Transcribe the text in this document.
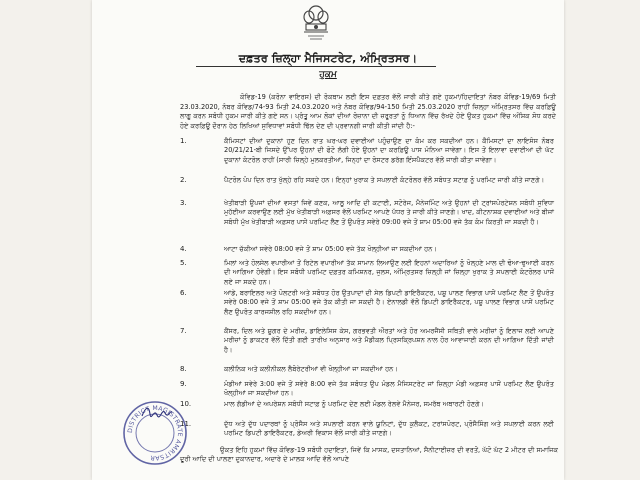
ਦਫ਼ਤਰ ਜ਼ਿਲ੍ਹਾ ਮੈਜਿਸਟਰੇਟ, ਅੰਮ੍ਰਿਤਸਰ।
ਹੁਕਮ
ਕੋਵਿਡ-19 (ਕਰੋਨਾ ਵਾਇਰਸ) ਦੀ ਰੋਕਥਾਮ ਲਈ ਇਸ ਦਫ਼ਤਰ ਵੱਲੋਂ ਜਾਰੀ ਕੀਤੇ ਗਏ ਹੁਕਮਾਂ/ਹਿਦਾਇਤਾਂ ਨੰਬਰ ਕੋਵਿਡ-19/69 ਮਿਤੀ 23.03.2020, ਨੰਬਰ ਕੋਵਿਡ/74-93 ਮਿਤੀ 24.03.2020 ਅਤੇ ਨੰਬਰ ਕੋਵਿਡ/94-150 ਮਿਤੀ 25.03.2020 ਰਾਹੀਂ ਜ਼ਿਲ੍ਹਾ ਅੰਮ੍ਰਿਤਸਰ ਵਿੱਚ ਕਰਫ਼ਿਊ ਲਾਗੂ ਕਰਨ ਸਬੰਧੀ ਹੁਕਮ ਜਾਰੀ ਕੀਤੇ ਗਏ ਸਨ। ਪ੍ਰੰਤੂ ਆਮ ਲੋਕਾਂ ਦੀਆਂ ਰੋਜ਼ਾਨਾ ਦੀ ਜ਼ਰੂਰਤਾਂ ਨੂੰ ਧਿਆਨ ਵਿੱਚ ਰੱਖਦੇ ਹੋਏ ਉਕਤ ਹੁਕਮਾਂ ਵਿੱਚ ਅੰਸ਼ਿਕ ਸੋਧ ਕਰਦੇ ਹੋਏ ਕਰਫ਼ਿਊ ਦੌਰਾਨ ਹੇਠ ਲਿਖਿਆਂ ਸੁਵਿਧਾਵਾਂ ਸਬੰਧੀ ਢਿੱਲ ਦੇਣ ਦੀ ਪ੍ਰਵਾਨਗੀ ਜਾਰੀ ਕੀਤੀ ਜਾਂਦੀ ਹੈ:-
1.	ਕੈਮਿਸਟਾਂ ਦੀਆਂ ਦੁਕਾਨਾਂ ਹੁਣ ਦਿਨ ਰਾਤ ਘਰ-ਘਰ ਦਵਾਈਆਂ ਪਹੁੰਚਾਉਣ ਦਾ ਕੰਮ ਕਰ ਸਕਦੀਆਂ ਹਨ। ਕੈਮਿਸਟਾਂ ਦਾ ਲਾਇਸੰਸ ਨੰਬਰ 20/21/21-ਬੀ ਜਿਸਦੇ ਉੱਪਰ ਉਹਨਾਂ ਦੀ ਫੋਟੋ ਲੱਗੀ ਹੋਏ ਉਹਨਾਂ ਦਾ ਕਰਫ਼ਿਊ ਪਾਸ ਮੰਨਿਆ ਜਾਵੇਗਾ। ਇਸ ਤੋਂ ਇਲਾਵਾ ਦਵਾਈਆਂ ਦੀ ਘੱਟ ਦੁਕਾਨਾਂ ਕੰਟਰੋਲ ਰਾਹੀਂ (ਸਾਰੀ ਜ਼ਿਲ੍ਹੇ ਮੁਲਕਰਤੀਆਂ, ਜਿਨ੍ਹਾਂ ਦਾ ਰੋਸਟਰ ਡਰੱਗ ਇੰਸਪੈਕਟਰ ਵੱਲੋਂ ਜਾਰੀ ਕੀਤਾ ਜਾਵੇਗਾ।
2.	ਪੈਟਰੋਲ ਪੰਪ ਦਿਨ ਰਾਤ ਖੁੱਲ੍ਹੇ ਰਹਿ ਸਕਦੇ ਹਨ। ਇਨ੍ਹਾਂ ਖੁਰਾਕ ਤੇ ਸਪਲਾਈ ਕੰਟਰੋਲਰ ਵੱਲੋਂ ਸਬੰਧਤ ਸਟਾਫ਼ ਨੂੰ ਪਰਮਿਟ ਜਾਰੀ ਕੀਤੇ ਜਾਣਗੇ।
3.	ਖੇਤੀਬਾੜੀ ਉਪਜਾਂ ਦੀਆਂ ਵਸਤਾਂ ਜਿਵੇਂ ਕਣਕ, ਆਲੂ ਆਦਿ ਦੀ ਕਟਾਈ, ਸਟੋਰੇਜ, ਮੈਨੇਜਮਿੰਟ ਅਤੇ ਉਹਨਾਂ ਦੀ ਟ੍ਰਾਂਸਪੋਰਟੇਸ਼ਨ ਸਬੰਧੀ ਸੁਵਿਧਾ ਮੁਹੱਈਆ ਕਰਵਾਉਣ ਲਈ ਮੁੱਖ ਖੇਤੀਬਾੜੀ ਅਫ਼ਸਰ ਵੱਲੋਂ ਪਰਮਿਟ ਆਪਣੇ ਪੱਧਰ ਤੇ ਜਾਰੀ ਕੀਤੇ ਜਾਣਗੇ। ਖਾਦ, ਕੀਟਨਾਸ਼ਕ ਦਵਾਈਆਂ ਅਤੇ ਬੀਜਾਂ ਸਬੰਧੀ ਮੁੱਖ ਖੇਤੀਬਾੜੀ ਅਫ਼ਸਰ ਪਾਸੋਂ ਪਰਮਿਟ ਲੈਣ ਤੋਂ ਉਪਰੰਤ ਸਵੇਰੇ 09:00 ਵਜੇ ਤੋਂ ਸ਼ਾਮ 05:00 ਵਜੇ ਤੱਕ ਕੰਮ ਕਿਰਤੀ ਜਾ ਸਕਦੀ ਹੈ।
4.	ਆਟਾ ਚੱਕੀਆਂ ਸਵੇਰੇ 08:00 ਵਜੇ ਤੋਂ ਸ਼ਾਮ 05:00 ਵਜੇ ਤੱਕ ਖੋਲ੍ਹੀਆਂ ਜਾ ਸਕਦੀਆਂ ਹਨ।
5.	ਮਿਲਾਂ ਅਤੇ ਹੋਲਸੇਲ ਵਪਾਰੀਆਂ ਤੋਂ ਰਿਟੇਲ ਵਪਾਰੀਆਂ ਤੱਕ ਸਾਮਾਨ ਲਿਆਉਣ ਲਈ ਇਹਨਾਂ ਅਦਾਰਿਆਂ ਨੂੰ ਖੋਲ੍ਹਣੇ ਮਾਲ ਦੀ ਢੋਆ-ਢੁਆਈ ਕਰਨ ਦੀ ਆਗਿਆ ਹੋਵੇਗੀ। ਇਸ ਸਬੰਧੀ ਪਰਮਿਟ ਦਫ਼ਤਰ ਕਮਿਸ਼ਨਰ, ਜੁਲਸ, ਅੰਮ੍ਰਿਤਸਰ ਜ਼ਿਲ੍ਹੀ ਜਾਂ ਜ਼ਿਲ੍ਹਾ ਖੁਰਾਕ ਤੇ ਸਪਲਾਈ ਕੰਟਰੋਲਰ ਪਾਸੋਂ ਲਏ ਜਾ ਸਕਦੇ ਹਨ।
6.	ਆਂਡੇ, ਬਰਾਇਲਰ ਅਤੇ ਪੋਲਟਰੀ ਅਤੇ ਸਬੰਧਤ ਹੋਰ ਉਤਪਾਦਾਂ ਦੀ ਸੇਲ ਡਿਪਟੀ ਡਾਇਰੈਕਟਰ, ਪਸ਼ੂ ਪਾਲਣ ਵਿਭਾਗ ਪਾਸੋਂ ਪਰਮਿਟ ਲੈਣ ਤੋਂ ਉਪਰੰਤ ਸਵੇਰੇ 08:00 ਵਜੇ ਤੋਂ ਸ਼ਾਮ 05:00 ਵਜੇ ਤੱਕ ਕੀਤੀ ਜਾ ਸਕਦੀ ਹੈ। ਏਨਾਲਡੀ ਵੱਲੋਂ ਡਿਪਟੀ ਡਾਇਰੈਕਟਰ, ਪਸ਼ੂ ਪਾਲਣ ਵਿਭਾਗ ਪਾਸੋਂ ਪਰਮਿਟ ਲੈਣ ਉਪਰੰਤ ਕਾਰਜਸ਼ੀਲ ਰਹਿ ਸਕਦੀਆਂ ਹਨ।
7.	ਕੈਂਸਰ, ਦਿਲ ਅਤੇ ਸ਼ੂਗਰ ਦੇ ਮਰੀਜ਼, ਡਾਇਲੇਸਿਸ ਕੇਸ, ਗਰਭਵਤੀ ਔਰਤਾਂ ਅਤੇ ਹੋਰ ਅਮਰਜੈਂਸੀ ਸਥਿਤੀ ਵਾਲੇ ਮਰੀਜ਼ਾਂ ਨੂੰ ਇਲਾਜ ਲਈ ਆਪਣੇ ਮਰੀਜ਼ਾਂ ਨੂੰ ਡਾਕਟਰ ਵੱਲੋਂ ਦਿੱਤੀ ਗਈ ਤਾਰੀਖ ਅਨੁਸਾਰ ਅਤੇ ਮੈਡੀਕਲ ਪ੍ਰਿਸਕ੍ਰਿਪਸ਼ਨ ਨਾਲ ਹੋਰ ਆਵਾਜਾਈ ਕਰਨ ਦੀ ਆਗਿਆ ਦਿੱਤੀ ਜਾਂਦੀ ਹੈ।
8.	ਕਲੀਨਿਕ ਅਤੇ ਕਲੀਨੀਕਲ ਲੈਬੋਰੇਟਰੀਆਂ ਵੀ ਖੋਲ੍ਹੀਆਂ ਜਾ ਸਕਦੀਆਂ ਹਨ।
9.	ਮੰਡੀਆਂ ਸਵੇਰੇ 3:00 ਵਜੇ ਤੋਂ ਸਵੇਰੇ 8:00 ਵਜੇ ਤੱਕ ਸਬੰਧਤ ਉਪ ਮੰਡਲ ਮੈਜਿਸਟਰੇਟ ਜਾਂ ਜ਼ਿਲ੍ਹਾ ਮੰਡੀ ਅਫ਼ਸਰ ਪਾਸੋਂ ਪਰਮਿਟ ਲੈਣ ਉਪਰੰਤ ਖੋਲ੍ਹੀਆਂ ਜਾ ਸਕਦੀਆਂ ਹਨ।
10.	ਮਾਲ ਗੱਡੀਆਂ ਦੇ ਅਪਰੇਸ਼ਨ ਸਬੰਧੀ ਸਟਾਫ਼ ਨੂੰ ਪਰਮਿਟ ਦੇਣ ਲਈ ਮੰਡਲ ਰੇਲਵੇ ਮੈਨੇਜਰ, ਸਮਰੱਥ ਅਥਾਰਟੀ ਹੋਣਗੇ।
11.	ਦੁੱਧ ਅਤੇ ਦੁੱਧ ਪਦਾਰਥਾਂ ਨੂੰ ਪ੍ਰੋਸੈਸ ਅਤੇ ਸਪਲਾਈ ਕਰਨ ਵਾਲੇ ਯੂਨਿਟਾਂ, ਦੁੱਧ ਕੁਲੈਕਟ, ਟਰਾਂਸਪੋਰਟ, ਪ੍ਰੋਸੈਸਿੰਗ ਅਤੇ ਸਪਲਾਈ ਕਰਨ ਲਈ ਪਰਮਿਟ ਡਿਪਟੀ ਡਾਇਰੈਕਟਰ, ਡੇਅਰੀ ਵਿਕਾਸ ਵੱਲੋਂ ਜਾਰੀ ਕੀਤੇ ਜਾਣਗੇ।
DISTRICT MAGISTRATE AMRITSAR
ਉਕਤ ਇਹਿ ਹੁਕਮਾਂ ਵਿੱਚ ਕੋਵਿਡ-19 ਸਬੰਧੀ ਹਦਾਇਤਾਂ, ਜਿਵੇਂ ਕਿ ਮਾਸਕ, ਦਸਤਾਨਿਆਂ, ਸੈਨੀਟਾਈਜ਼ਰ ਦੀ ਵਰਤੋਂ, ਘੱਟੋ ਘੱਟ 2 ਮੀਟਰ ਦੀ ਸਮਾਜਿਕ ਦੂਰੀ ਆਦਿ ਦੀ ਪਾਲਣਾ ਦੁਕਾਨਦਾਰ, ਅਦਾਰੇ ਦੇ ਮਾਲਕ ਆਦਿ ਵੱਲੋਂ ਆਪਣੇ
